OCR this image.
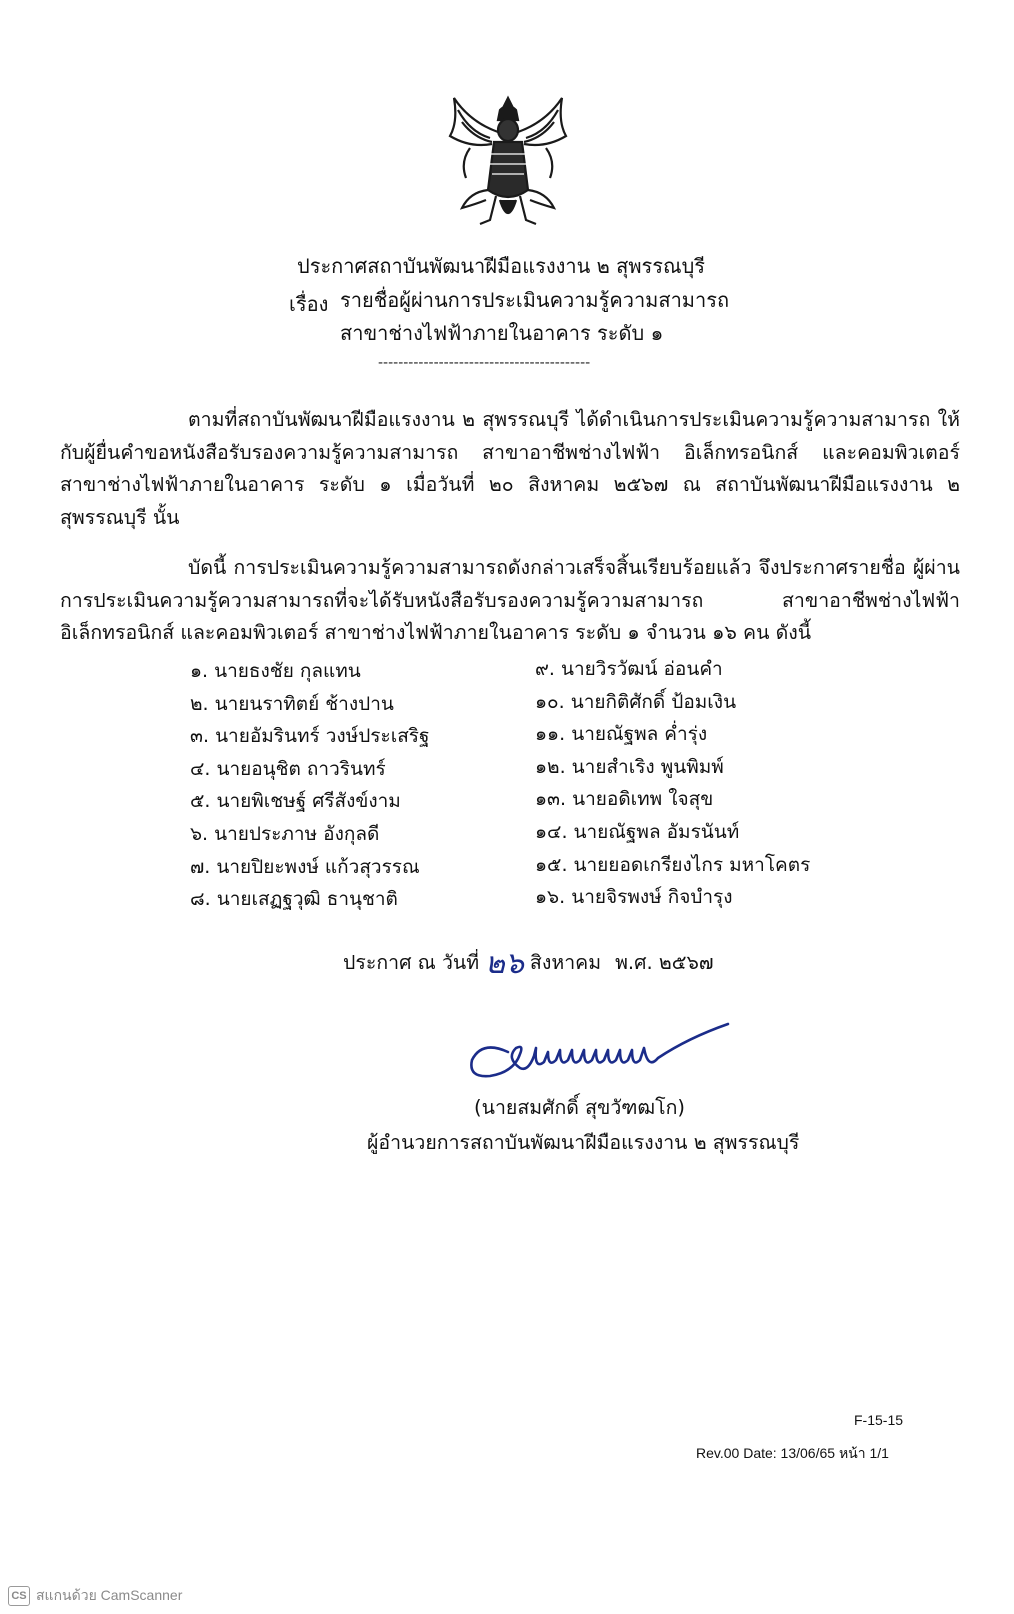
ประกาศสถาบันพัฒนาฝีมือแรงงาน ๒ สุพรรณบุรี
เรื่อง รายชื่อผู้ผ่านการประเมินความรู้ความสามารถ
สาขาช่างไฟฟ้าภายในอาคาร ระดับ ๑
------------------------------------------
ตามที่สถาบันพัฒนาฝีมือแรงงาน ๒ สุพรรณบุรี ได้ดำเนินการประเมินความรู้ความสามารถ ให้กับผู้ยื่นคำขอหนังสือรับรองความรู้ความสามารถ สาขาอาชีพช่างไฟฟ้า อิเล็กทรอนิกส์ และคอมพิวเตอร์ สาขาช่างไฟฟ้าภายในอาคาร ระดับ ๑ เมื่อวันที่ ๒๐ สิงหาคม ๒๕๖๗ ณ สถาบันพัฒนาฝีมือแรงงาน ๒ สุพรรณบุรี นั้น
บัดนี้ การประเมินความรู้ความสามารถดังกล่าวเสร็จสิ้นเรียบร้อยแล้ว จึงประกาศรายชื่อ ผู้ผ่านการประเมินความรู้ความสามารถที่จะได้รับหนังสือรับรองความรู้ความสามารถ สาขาอาชีพช่างไฟฟ้า อิเล็กทรอนิกส์ และคอมพิวเตอร์ สาขาช่างไฟฟ้าภายในอาคาร ระดับ ๑ จำนวน ๑๖ คน ดังนี้
๑. นายธงชัย กุลแทน
๒. นายนราทิตย์ ช้างปาน
๓. นายอัมรินทร์ วงษ์ประเสริฐ
๔. นายอนุชิต ถาวรินทร์
๕. นายพิเชษฐ์ ศรีสังข์งาม
๖. นายประภาษ อังกุลดี
๗. นายปิยะพงษ์ แก้วสุวรรณ
๘. นายเสฏฐวุฒิ ธานุชาติ
๙. นายวิรวัฒน์ อ่อนคำ
๑๐. นายกิติศักดิ์ ป้อมเงิน
๑๑. นายณัฐพล ค่ำรุ่ง
๑๒. นายสำเริง พูนพิมพ์
๑๓. นายอดิเทพ ใจสุข
๑๔. นายณัฐพล อัมรนันท์
๑๕. นายยอดเกรียงไกร มหาโคตร
๑๖. นายจิรพงษ์ กิจบำรุง
ประกาศ ณ วันที่ ๒๖ สิงหาคม พ.ศ. ๒๕๖๗
(นายสมศักดิ์ สุขวัฑฒโก)
ผู้อำนวยการสถาบันพัฒนาฝีมือแรงงาน ๒ สุพรรณบุรี
F-15-15
Rev.00 Date: 13/06/65 หน้า 1/1
CS สแกนด้วย CamScanner
